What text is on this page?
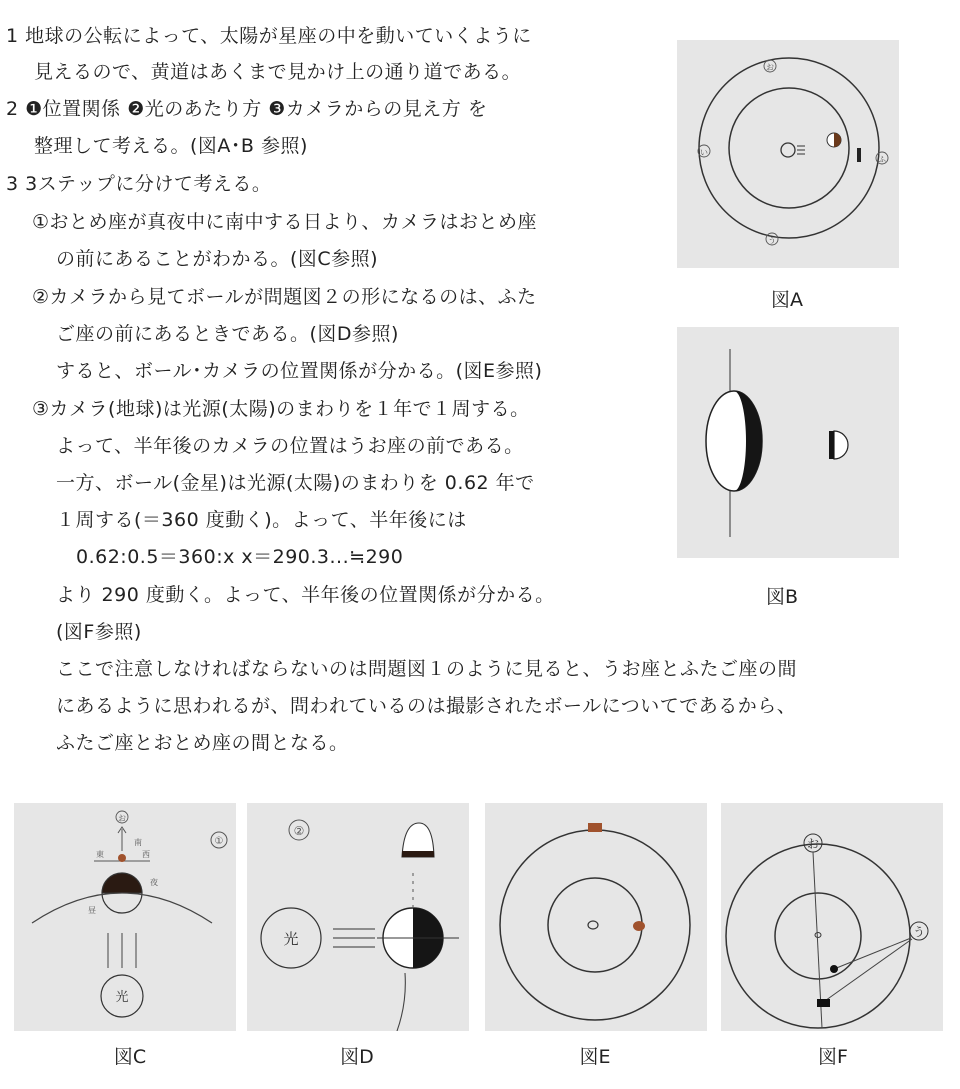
1 地球の公転によって、太陽が星座の中を動いていくように
見えるので、黄道はあくまで見かけ上の通り道である。
2 ❶位置関係 ❷光のあたり方 ❸カメラからの見え方 を
整理して考える。(図A･B 参照)
3 3ステップに分けて考える。
①おとめ座が真夜中に南中する日より、カメラはおとめ座
の前にあることがわかる。(図C参照)
②カメラから見てボールが問題図２の形になるのは、ふた
ご座の前にあるときである。(図D参照)
すると、ボール･カメラの位置関係が分かる。(図E参照)
③カメラ(地球)は光源(太陽)のまわりを１年で１周する。
よって、半年後のカメラの位置はうお座の前である。
一方、ボール(金星)は光源(太陽)のまわりを 0.62 年で
１周する(＝360 度動く)。よって、半年後には
0.62:0.5＝360:x x＝290.3...≒290
より 290 度動く。よって、半年後の位置関係が分かる。
(図F参照)
ここで注意しなければならないのは問題図１のように見ると、うお座とふたご座の間
にあるように思われるが、問われているのは撮影されたボールについてであるから、
ふたご座とおとめ座の間となる。
お
い
う
ふ
図A
図B
①
お
南
東	西
夜
昼
光
図C
②
光
図D	図E
お
う
図F
